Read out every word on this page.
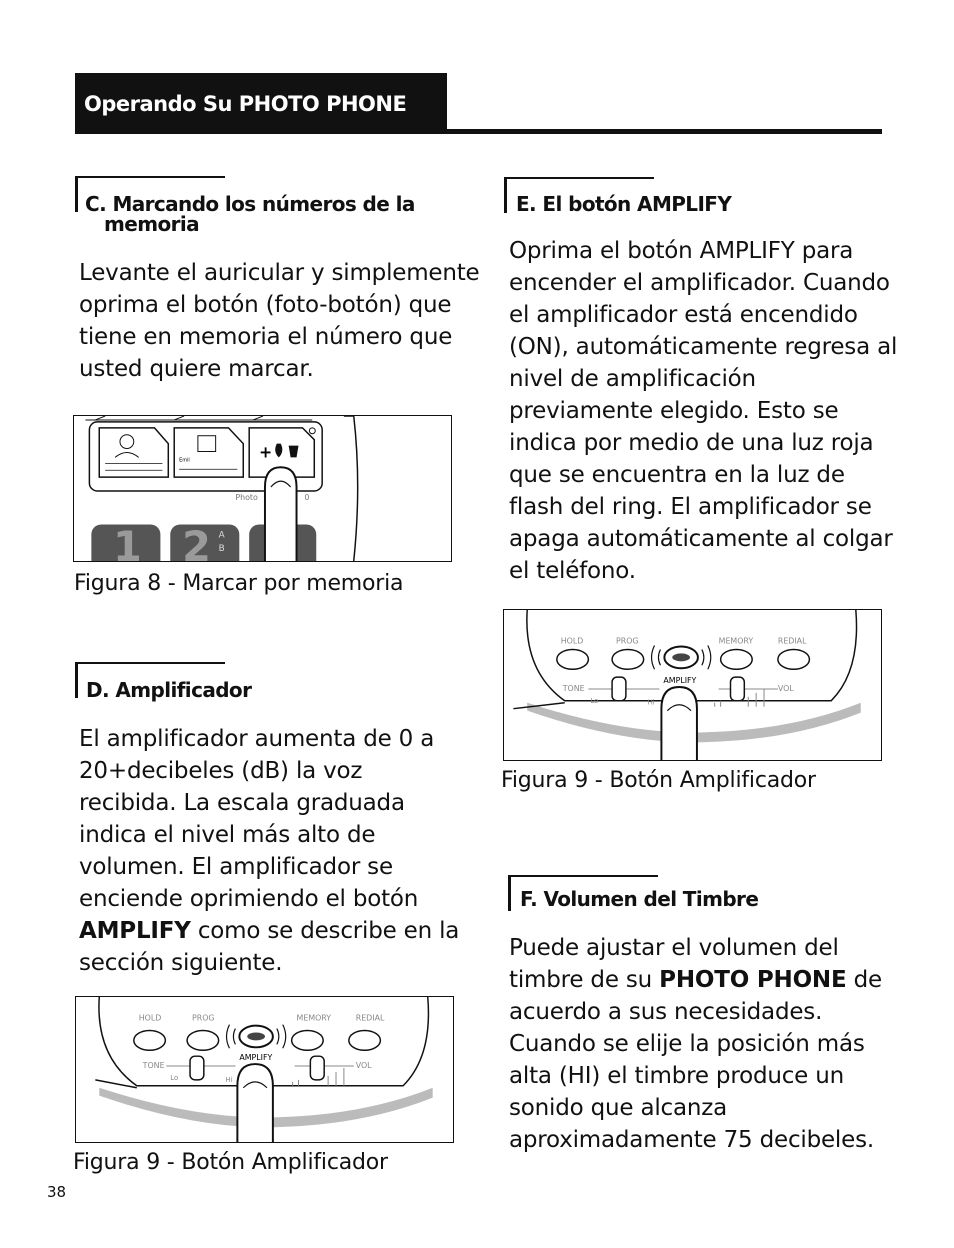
Operando Su PHOTO PHONE
C. Marcando los números de la
memoria
Levante el auricular y simplemente
oprima el botón (foto-botón) que
tiene en memoria el número que
usted quiere marcar.
Emil	+
Photo	0
1 2 A
B
Figura 8 - Marcar por memoria
D. Amplificador
El amplificador aumenta de 0 a
20+decibeles (dB) la voz
recibida. La escala graduada
indica el nivel más alto de
volumen. El amplificador se
enciende oprimiendo el botón
AMPLIFY como se describe en la
sección siguiente.
HOLD	PROG	MEMORY	REDIAL
AMPLIFY
TONE
Lo	Hi
VOL
Figura 9 - Botón Amplificador
E. El botón AMPLIFY
Oprima el botón AMPLIFY para
encender el amplificador. Cuando
el amplificador está encendido
(ON), automáticamente regresa al
nivel de amplificación
previamente elegido. Esto se
indica por medio de una luz roja
que se encuentra en la luz de
flash del ring. El amplificador se
apaga automáticamente al colgar
el teléfono.
HOLD	PROG	MEMORY	REDIAL
AMPLIFY
TONE
Lo	Hi
VOL
Figura 9 - Botón Amplificador
F. Volumen del Timbre
Puede ajustar el volumen del
timbre de su PHOTO PHONE de
acuerdo a sus necesidades.
Cuando se elije la posición más
alta (HI) el timbre produce un
sonido que alcanza
aproximadamente 75 decibeles.
38
